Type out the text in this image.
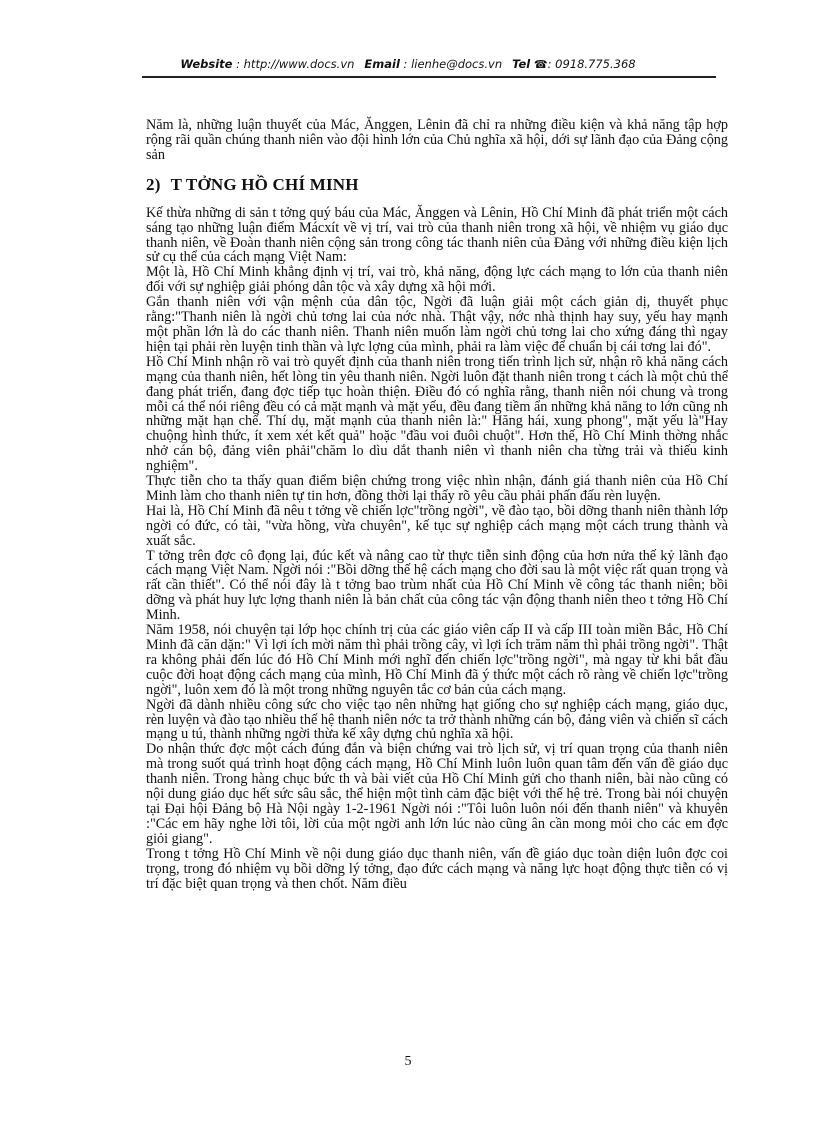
Website : http://www.docs.vn Email : lienhe@docs.vn Tel ☎: 0918.775.368

Năm là, những luận thuyết của Mác, Ănggen, Lênin đã chỉ ra những điều kiện và khả năng tập hợp rộng rãi quần chúng thanh niên vào đội hình lớn của Chủ nghĩa xã hội, dới sự lãnh đạo của Đảng cộng sản

2) T TỞNG HỒ CHÍ MINH

Kế thừa những di sản t tởng quý báu của Mác, Ănggen và Lênin, Hồ Chí Minh đã phát triển một cách sáng tạo những luận điểm Mácxít về vị trí, vai trò của thanh niên trong xã hội, về nhiệm vụ giáo dục thanh niên, về Đoàn thanh niên cộng sản trong công tác thanh niên của Đảng với những điều kiện lịch sử cụ thể của cách mạng Việt Nam:

Một là, Hồ Chí Minh khẳng định vị trí, vai trò, khả năng, động lực cách mạng to lớn của thanh niên đối với sự nghiệp giải phóng dân tộc và xây dựng xã hội mới.

Gắn thanh niên với vận mệnh của dân tộc, Ngời đã luận giải một cách giản dị, thuyết phục rằng:"Thanh niên là ngời chủ tơng lai của nớc nhà. Thật vậy, nớc nhà thịnh hay suy, yếu hay mạnh một phần lớn là do các thanh niên. Thanh niên muốn làm ngời chủ tơng lai cho xứng đáng thì ngay hiện tại phải rèn luyện tinh thần và lực lợng của mình, phải ra làm việc để chuẩn bị cái tơng lai đó".

Hồ Chí Minh nhận rõ vai trò quyết định của thanh niên trong tiến trình lịch sử, nhận rõ khả năng cách mạng của thanh niên, hết lòng tin yêu thanh niên. Ngời luôn đặt thanh niên trong t cách là một chủ thể đang phát triển, đang đợc tiếp tục hoàn thiện. Điều đó có nghĩa rằng, thanh niên nói chung và trong mỗi cá thể nói riêng đều có cả mặt mạnh và mặt yếu, đều đang tiềm ẩn những khả năng to lớn cũng nh những mặt hạn chế. Thí dụ, mặt mạnh của thanh niên là:" Hăng hái, xung phong", mặt yếu là"Hay chuộng hình thức, ít xem xét kết quả" hoặc "đầu voi đuôi chuột". Hơn thế, Hồ Chí Minh thờng nhắc nhở cán bộ, đảng viên phải"chăm lo dìu dắt thanh niên vì thanh niên cha từng trải và thiếu kinh nghiệm".

Thực tiễn cho ta thấy quan điểm biện chứng trong việc nhìn nhận, đánh giá thanh niên của Hồ Chí Minh làm cho thanh niên tự tin hơn, đồng thời lại thấy rõ yêu cầu phải phấn đấu rèn luyện.

Hai là, Hồ Chí Minh đã nêu t tởng về chiến lợc"trồng ngời", về đào tạo, bồi dỡng thanh niên thành lớp ngời có đức, có tài, "vừa hồng, vừa chuyên", kế tục sự nghiệp cách mạng một cách trung thành và xuất sắc.

T tởng trên đợc cô đọng lại, đúc kết và nâng cao từ thực tiễn sinh động của hơn nửa thế kỷ lãnh đạo cách mạng Việt Nam. Ngời nói :"Bồi dỡng thế hệ cách mạng cho đời sau là một việc rất quan trọng và rất cần thiết". Có thể nói đây là t tởng bao trùm nhất của Hồ Chí Minh về công tác thanh niên; bồi dỡng và phát huy lực lợng thanh niên là bản chất của công tác vận động thanh niên theo t tởng Hồ Chí Minh.

Năm 1958, nói chuyện tại lớp học chính trị của các giáo viên cấp II và cấp III toàn miền Bắc, Hồ Chí Minh đã căn dặn:" Vì lợi ích mời năm thì phải trồng cây, vì lợi ích trăm năm thì phải trồng ngời". Thật ra không phải đến lúc đó Hồ Chí Minh mới nghĩ đến chiến lợc"trồng ngời", mà ngay từ khi bắt đầu cuộc đời hoạt động cách mạng của mình, Hồ Chí Minh đã ý thức một cách rõ ràng về chiến lợc"trồng ngời", luôn xem đó là một trong những nguyên tắc cơ bản của cách mạng.

Ngời đã dành nhiều công sức cho việc tạo nên những hạt giống cho sự nghiệp cách mạng, giáo dục, rèn luyện và đào tạo nhiều thế hệ thanh niên nớc ta trở thành những cán bộ, đảng viên và chiến sĩ cách mạng u tú, thành những ngời thừa kế xây dựng chủ nghĩa xã hội.

Do nhận thức đợc một cách đúng đắn và biện chứng vai trò lịch sử, vị trí quan trọng của thanh niên mà trong suốt quá trình hoạt động cách mạng, Hồ Chí Minh luôn luôn quan tâm đến vấn đề giáo dục thanh niên. Trong hàng chục bức th và bài viết của Hồ Chí Minh gửi cho thanh niên, bài nào cũng có nội dung giáo dục hết sức sâu sắc, thể hiện một tình cảm đặc biệt với thế hệ trẻ. Trong bài nói chuyện tại Đại hội Đảng bộ Hà Nội ngày 1-2-1961 Ngời nói :"Tôi luôn luôn nói đến thanh niên" và khuyên :"Các em hãy nghe lời tôi, lời của một ngời anh lớn lúc nào cũng ân cần mong mỏi cho các em đợc giỏi giang".

Trong t tởng Hồ Chí Minh về nội dung giáo dục thanh niên, vấn đề giáo dục toàn diện luôn đợc coi trọng, trong đó nhiệm vụ bồi dỡng lý tởng, đạo đức cách mạng và năng lực hoạt động thực tiễn có vị trí đặc biệt quan trọng và then chốt. Năm điều

5
